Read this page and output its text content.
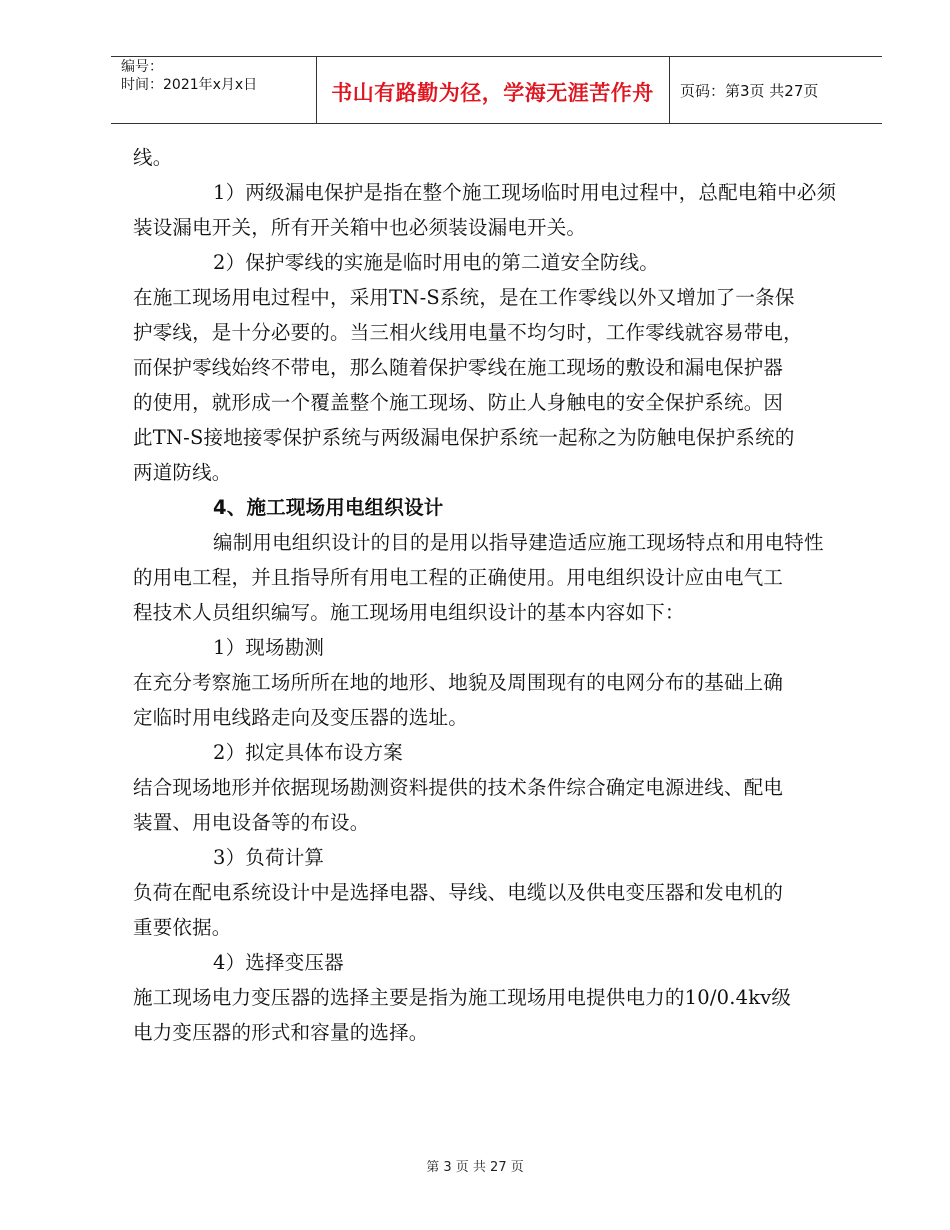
编号：
时间：2021年x月x日	书山有路勤为径，学海无涯苦作舟	页码：第3页 共27页
线。
1）两级漏电保护是指在整个施工现场临时用电过程中，总配电箱中必须
装设漏电开关，所有开关箱中也必须装设漏电开关。
2）保护零线的实施是临时用电的第二道安全防线。
在施工现场用电过程中，采用TN-S系统，是在工作零线以外又增加了一条保
护零线，是十分必要的。当三相火线用电量不均匀时，工作零线就容易带电，
而保护零线始终不带电，那么随着保护零线在施工现场的敷设和漏电保护器
的使用，就形成一个覆盖整个施工现场、防止人身触电的安全保护系统。因
此TN-S接地接零保护系统与两级漏电保护系统一起称之为防触电保护系统的
两道防线。
4、施工现场用电组织设计
编制用电组织设计的目的是用以指导建造适应施工现场特点和用电特性
的用电工程，并且指导所有用电工程的正确使用。用电组织设计应由电气工
程技术人员组织编写。施工现场用电组织设计的基本内容如下：
1）现场勘测
在充分考察施工场所所在地的地形、地貌及周围现有的电网分布的基础上确
定临时用电线路走向及变压器的选址。
2）拟定具体布设方案
结合现场地形并依据现场勘测资料提供的技术条件综合确定电源进线、配电
装置、用电设备等的布设。
3）负荷计算
负荷在配电系统设计中是选择电器、导线、电缆以及供电变压器和发电机的
重要依据。
4）选择变压器
施工现场电力变压器的选择主要是指为施工现场用电提供电力的10/0.4kv级
电力变压器的形式和容量的选择。
第 3 页 共 27 页
